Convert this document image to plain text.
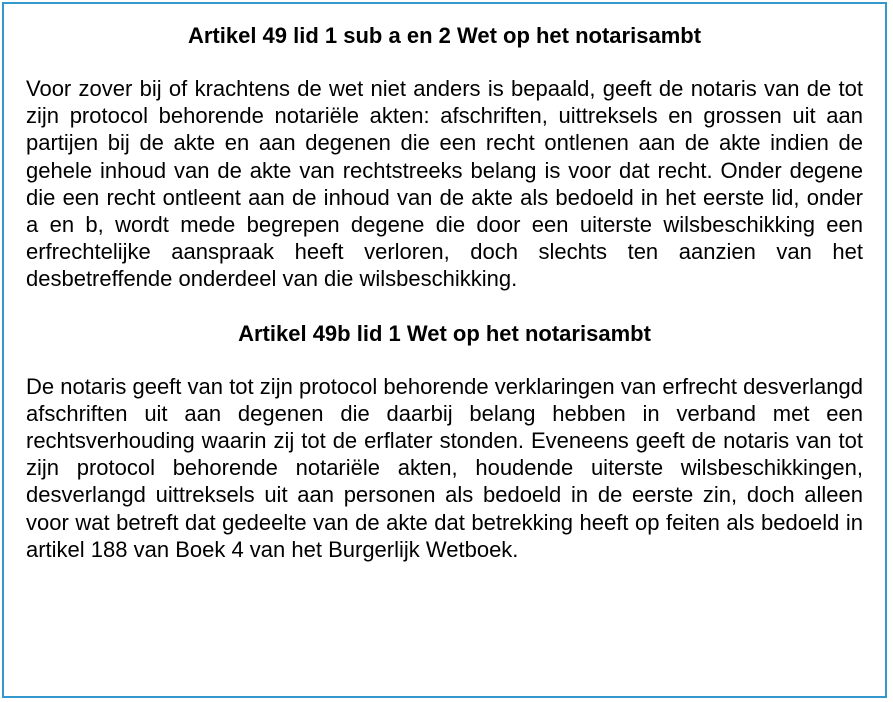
Artikel 49 lid 1 sub a en 2 Wet op het notarisambt

Voor zover bij of krachtens de wet niet anders is bepaald, geeft de notaris van de tot zijn protocol behorende notariële akten: afschriften, uittreksels en grossen uit aan partijen bij de akte en aan degenen die een recht ontlenen aan de akte indien de gehele inhoud van de akte van rechtstreeks belang is voor dat recht. Onder degene die een recht ontleent aan de inhoud van de akte als bedoeld in het eerste lid, onder a en b, wordt mede begrepen degene die door een uiterste wilsbeschikking een erfrechtelijke aanspraak heeft verloren, doch slechts ten aanzien van het desbetreffende onderdeel van die wilsbeschikking.

Artikel 49b lid 1 Wet op het notarisambt

De notaris geeft van tot zijn protocol behorende verklaringen van erfrecht desverlangd afschriften uit aan degenen die daarbij belang hebben in verband met een rechtsverhouding waarin zij tot de erflater stonden. Eveneens geeft de notaris van tot zijn protocol behorende notariële akten, houdende uiterste wilsbeschikkingen, desverlangd uittreksels uit aan personen als bedoeld in de eerste zin, doch alleen voor wat betreft dat gedeelte van de akte dat betrekking heeft op feiten als bedoeld in artikel 188 van Boek 4 van het Burgerlijk Wetboek.
